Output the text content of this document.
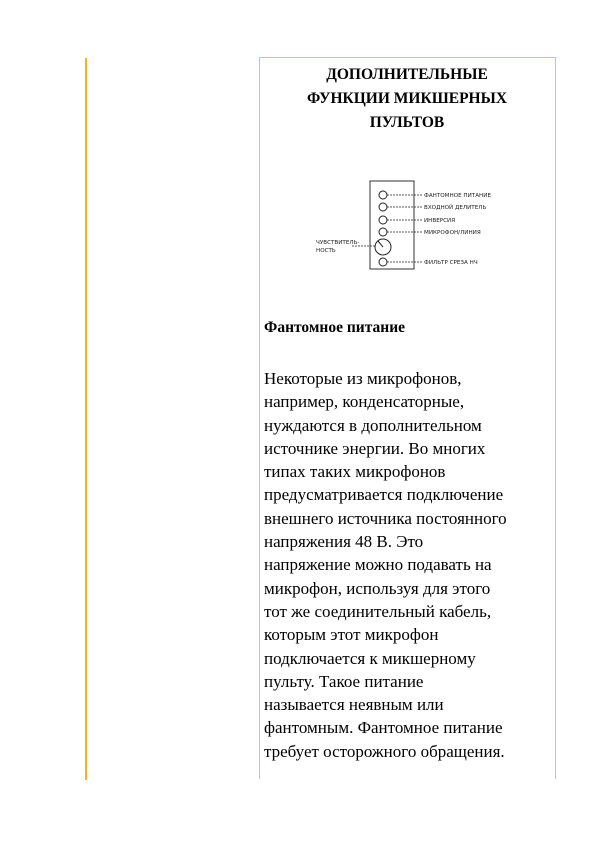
ДОПОЛНИТЕЛЬНЫЕ
ФУНКЦИИ МИКШЕРНЫХ
ПУЛЬТОВ
ФАНТОМНОЕ ПИТАНИЕ
ВХОДНОЙ ДЕЛИТЕЛЬ
ИНВЕРСИЯ
МИКРОФОН/ЛИНИЯ
ФИЛЬТР СРЕЗА НЧ
ЧУВСТВИТЕЛЬ-
НОСТЬ
Фантомное питание

Некоторые из микрофонов,
например, конденсаторные,
нуждаются в дополнительном
источнике энергии. Во многих
типах таких микрофонов
предусматривается подключение
внешнего источника постоянного
напряжения 48 В. Это
напряжение можно подавать на
микрофон, используя для этого
тот же соединительный кабель,
которым этот микрофон
подключается к микшерному
пульту. Такое питание
называется неявным или
фантомным. Фантомное питание
требует осторожного обращения.
